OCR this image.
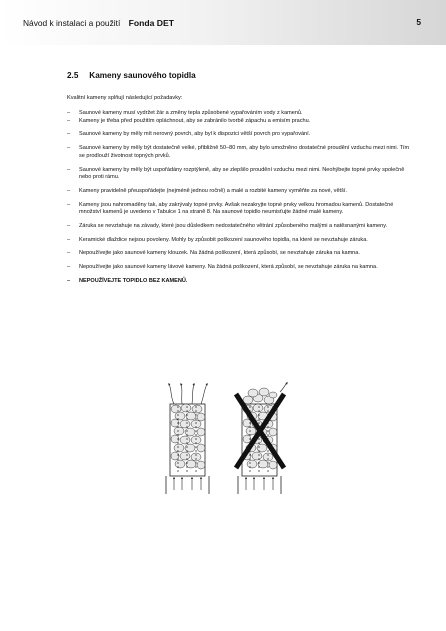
Návod k instalaci a použití Fonda DET	5
2.5 Kameny saunového topidla
Kvalitní kameny splňují následující požadavky:
– Saunové kameny musí vydržet žár a změny tepla způsobené vypařováním vody z kamenů.
– Kameny je třeba před použitím opláchnout, aby se zabránilo tvorbě zápachu a emisím prachu.
– Saunové kameny by měly mít nerovný povrch, aby byl k dispozici větší povrch pro vypařování.
– Saunové kameny by měly být dostatečně velké, přibližně 50–80 mm, aby bylo umožněno dostatečné proudění vzduchu mezi nimi. Tím se prodlouží životnost topných prvků.
– Saunové kameny by měly být uspořádány rozptýleně, aby se zlepšilo proudění vzduchu mezi nimi. Neohýbejte topné prvky společně nebo proti rámu.
– Kameny pravidelně přeuspořádejte (nejméně jednou ročně) a malé a rozbité kameny vyměňte za nové, větší.
– Kameny jsou nahromaděny tak, aby zakrývaly topné prvky. Avšak nezakryjte topné prvky velkou hromadou kamenů. Dostatečné množství kamenů je uvedeno v Tabulce 1 na straně 8. Na saunové topidlo neumisťujte žádné malé kameny.
– Záruka se nevztahuje na závady, které jsou důsledkem nedostatečného větrání způsobeného malými a natěsnanými kameny.
– Keramické dlaždice nejsou povoleny. Mohly by způsobit poškození saunového topidla, na které se nevztahuje záruka.
– Nepoužívejte jako saunové kameny klouzek. Na žádná poškození, která způsobí, se nevztahuje záruka na kamna.
– Nepoužívejte jako saunové kameny lávové kameny. Na žádná poškození, která způsobí, se nevztahuje záruka na kamna.
– NEPOUŽÍVEJTE TOPIDLO BEZ KAMENŮ.
